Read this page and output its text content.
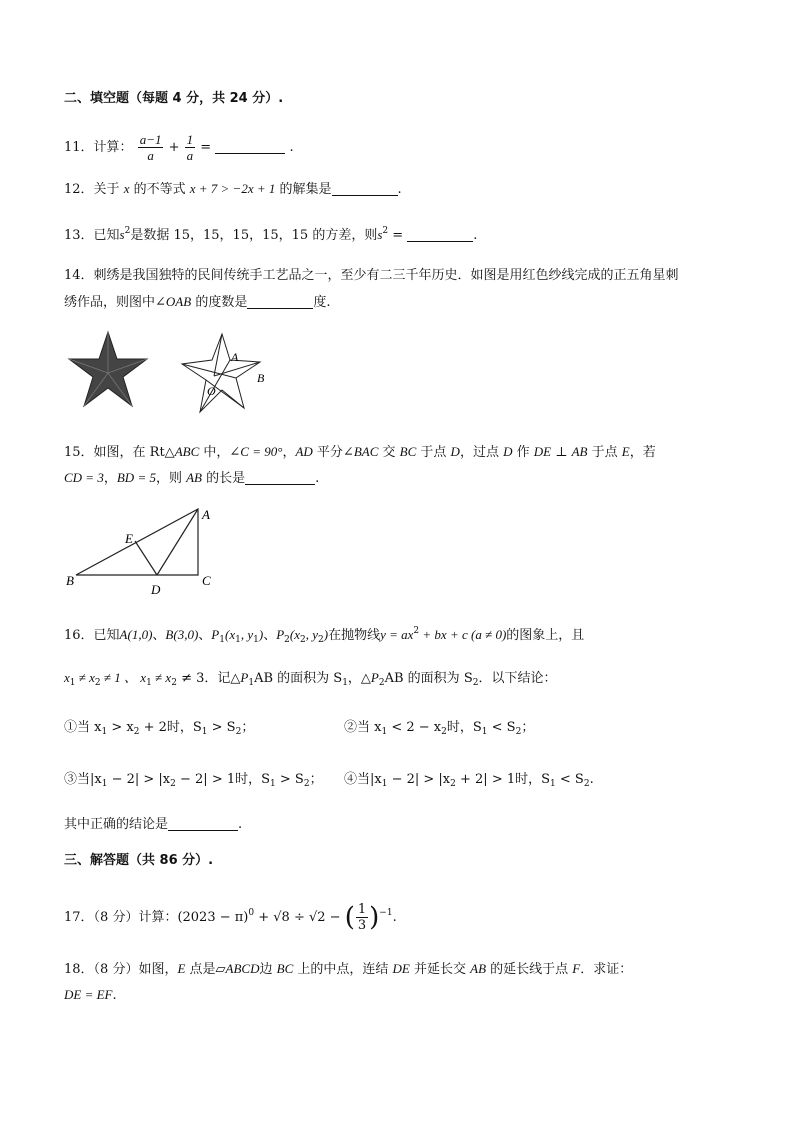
二、填空题（每题 4 分，共 24 分）.
11．计算： $\frac{a-1}{a} + \frac{1}{a}$ =	.
12．关于 x 的不等式 x + 7 > −2x + 1 的解集是	.
13．已知$s^2$是数据 15，15，15，15，15 的方差，则$s^2$ =	.
14．刺绣是我国独特的民间传统手工艺品之一，至少有二三千年历史．如图是用红色纱线完成的正五角星刺
绣作品，则图中∠OAB 的度数是	度.
A
B
O
15．如图，在 Rt△ABC 中，∠C = 90°，AD 平分∠BAC 交 BC 于点 D，过点 D 作 DE ⊥ AB 于点 E，若
CD = 3，BD = 5，则 AB 的长是	.
A
B	C
D
E
16．已知A(1,0)、B(3,0)、$P_1(x_1$, $y_1$)、$P_2(x_2$, $y_2$)在抛物线$y = ax^2$ + bx + c (a ≠ 0)的图象上，且
$x_1 \ne x_2 \ne 1$ 、 $x_1 \ne x_2 \ne 3$．记$\triangle P_1AB$ 的面积为 $S_1$，$\triangle P_2AB$ 的面积为 $S_2$．以下结论：
①当 $x_1 > x_2 + 2$时，$S_1 > S_2$；	②当 $x_1 < 2 - x_2$时，$S_1 < S_2$；
③当$|x_1 - 2| > |x_2 - 2| > 1$时，$S_1 > S_2$； ④当$|x_1 - 2| > |x_2 + 2| > 1$时，$S_1 < S_2$.
其中正确的结论是	.
三、解答题（共 86 分）.
17．（8 分）计算：$(2023 - \pi)^0 + √8 \div √2$ − ( $\frac{1}{3} )^{-1}$.
18．（8 分）如图，E 点是▱ABCD边 BC 上的中点，连结 DE 并延长交 AB 的延长线于点 F．求证：
DE = EF.
